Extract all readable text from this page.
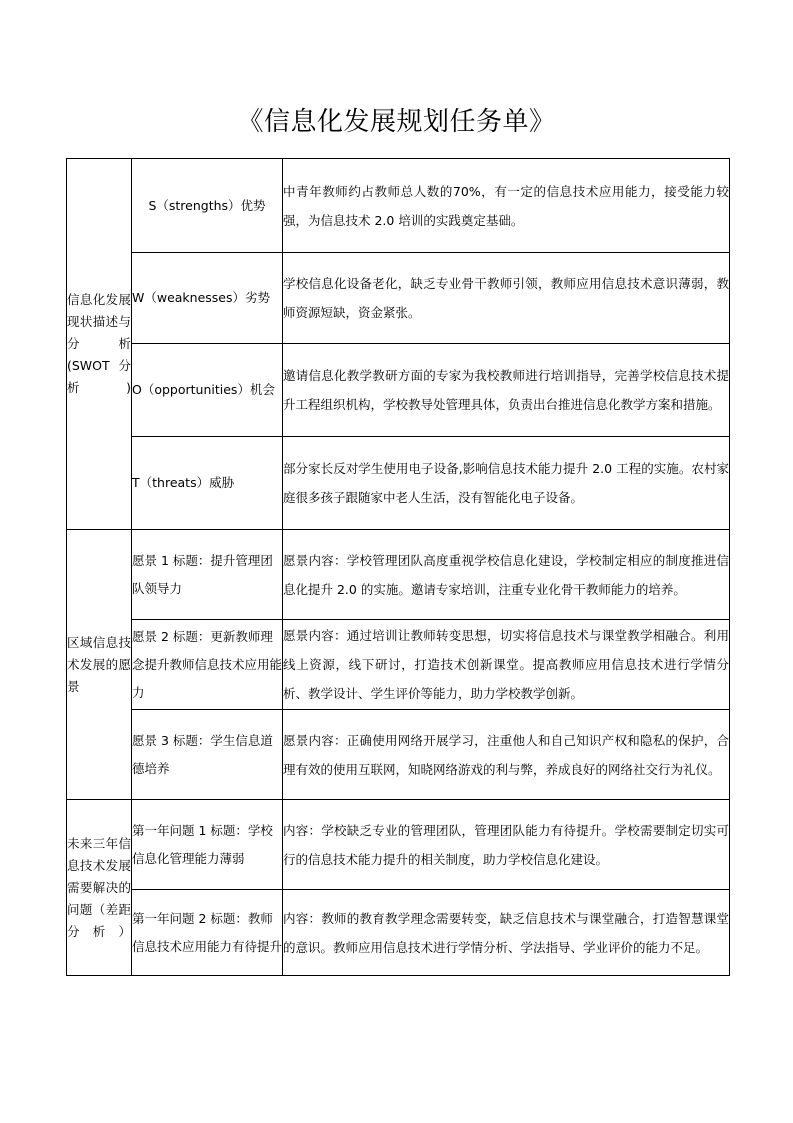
《信息化发展规划任务单》
信息化发展现状描述与分析(SWOT分析)	S（strengths）优势	中青年教师约占教师总人数的70%，有一定的信息技术应用能力，接受能力较强，为信息技术 2.0 培训的实践奠定基础。
	W（weaknesses）劣势	学校信息化设备老化，缺乏专业骨干教师引领，教师应用信息技术意识薄弱，教师资源短缺，资金紧张。
	O（opportunities）机会	邀请信息化教学教研方面的专家为我校教师进行培训指导，完善学校信息技术提升工程组织机构，学校教导处管理具体，负责出台推进信息化教学方案和措施。
	T（threats）威胁	部分家长反对学生使用电子设备,影响信息技术能力提升 2.0 工程的实施。农村家庭很多孩子跟随家中老人生活，没有智能化电子设备。

区域信息技术发展的愿景	愿景 1 标题：提升管理团队领导力	愿景内容：学校管理团队高度重视学校信息化建设，学校制定相应的制度推进信息化提升 2.0 的实施。邀请专家培训，注重专业化骨干教师能力的培养。
	愿景 2 标题：更新教师理念提升教师信息技术应用能力	愿景内容：通过培训让教师转变思想，切实将信息技术与课堂教学相融合。利用线上资源，线下研讨，打造技术创新课堂。提高教师应用信息技术进行学情分析、教学设计、学生评价等能力，助力学校教学创新。
	愿景 3 标题：学生信息道德培养	愿景内容：正确使用网络开展学习，注重他人和自己知识产权和隐私的保护，合理有效的使用互联网，知晓网络游戏的利与弊，养成良好的网络社交行为礼仪。

未来三年信息技术发展需要解决的问题（差距分析）	第一年问题 1 标题：学校信息化管理能力薄弱	内容：学校缺乏专业的管理团队，管理团队能力有待提升。学校需要制定切实可行的信息技术能力提升的相关制度，助力学校信息化建设。
	第一年问题 2 标题：教师信息技术应用能力有待提升	内容：教师的教育教学理念需要转变，缺乏信息技术与课堂融合，打造智慧课堂的意识。教师应用信息技术进行学情分析、学法指导、学业评价的能力不足。
